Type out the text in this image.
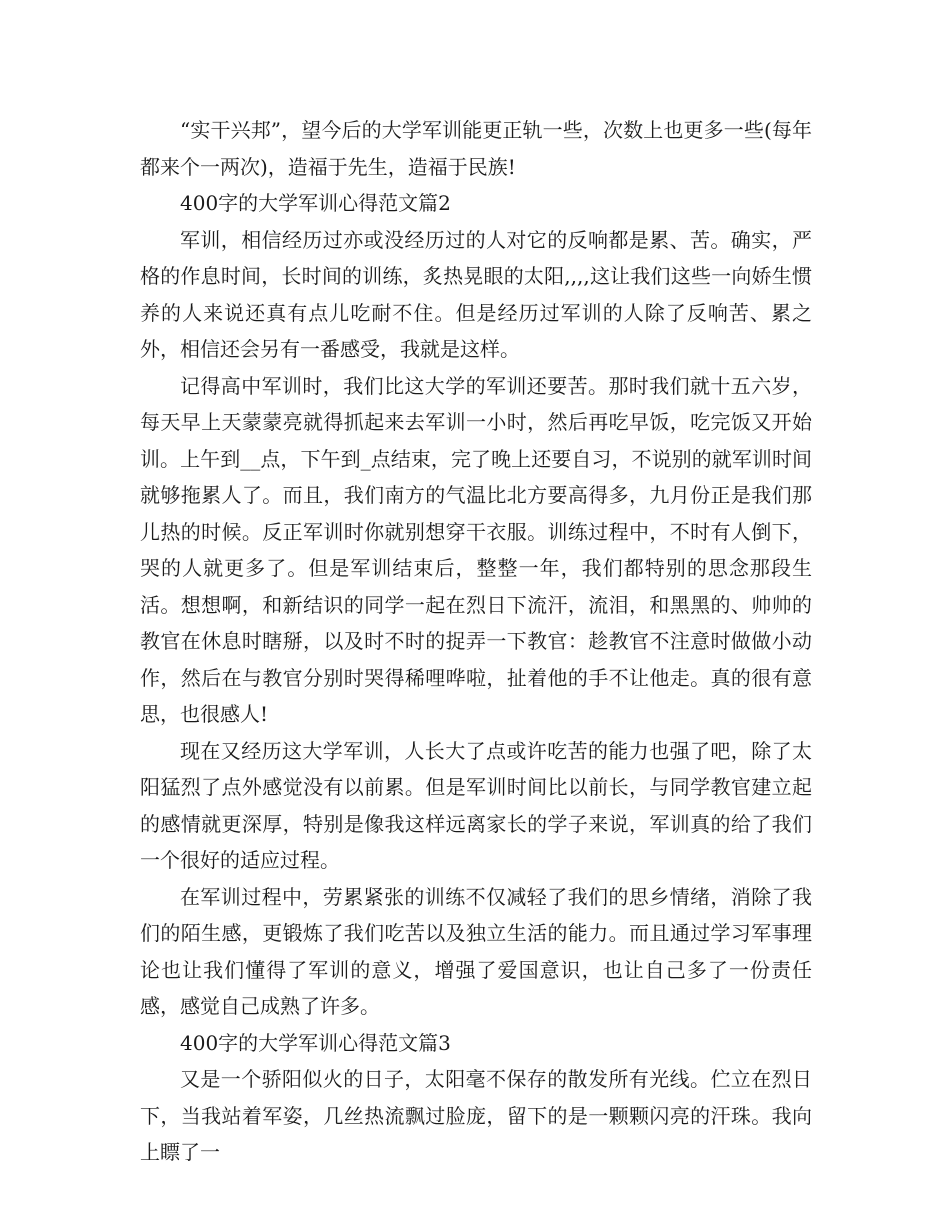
“实干兴邦”，望今后的大学军训能更正轨一些，次数上也更多一些(每年都来个一两次)，造福于先生，造福于民族!

400字的大学军训心得范文篇2

军训，相信经历过亦或没经历过的人对它的反响都是累、苦。确实，严格的作息时间，长时间的训练，炙热晃眼的太阳,,,,这让我们这些一向娇生惯养的人来说还真有点儿吃耐不住。但是经历过军训的人除了反响苦、累之外，相信还会另有一番感受，我就是这样。

记得高中军训时，我们比这大学的军训还要苦。那时我们就十五六岁，每天早上天蒙蒙亮就得抓起来去军训一小时，然后再吃早饭，吃完饭又开始训。上午到__点，下午到_点结束，完了晚上还要自习，不说别的就军训时间就够拖累人了。而且，我们南方的气温比北方要高得多，九月份正是我们那儿热的时候。反正军训时你就别想穿干衣服。训练过程中，不时有人倒下，哭的人就更多了。但是军训结束后，整整一年，我们都特别的思念那段生活。想想啊，和新结识的同学一起在烈日下流汗，流泪，和黑黑的、帅帅的教官在休息时瞎掰，以及时不时的捉弄一下教官：趁教官不注意时做做小动作，然后在与教官分别时哭得稀哩哗啦，扯着他的手不让他走。真的很有意思，也很感人!

现在又经历这大学军训，人长大了点或许吃苦的能力也强了吧，除了太阳猛烈了点外感觉没有以前累。但是军训时间比以前长，与同学教官建立起的感情就更深厚，特别是像我这样远离家长的学子来说，军训真的给了我们一个很好的适应过程。

在军训过程中，劳累紧张的训练不仅减轻了我们的思乡情绪，消除了我们的陌生感，更锻炼了我们吃苦以及独立生活的能力。而且通过学习军事理论也让我们懂得了军训的意义，增强了爱国意识，也让自己多了一份责任感，感觉自己成熟了许多。

400字的大学军训心得范文篇3

又是一个骄阳似火的日子，太阳毫不保存的散发所有光线。伫立在烈日下，当我站着军姿，几丝热流飘过脸庞，留下的是一颗颗闪亮的汗珠。我向上瞟了一
